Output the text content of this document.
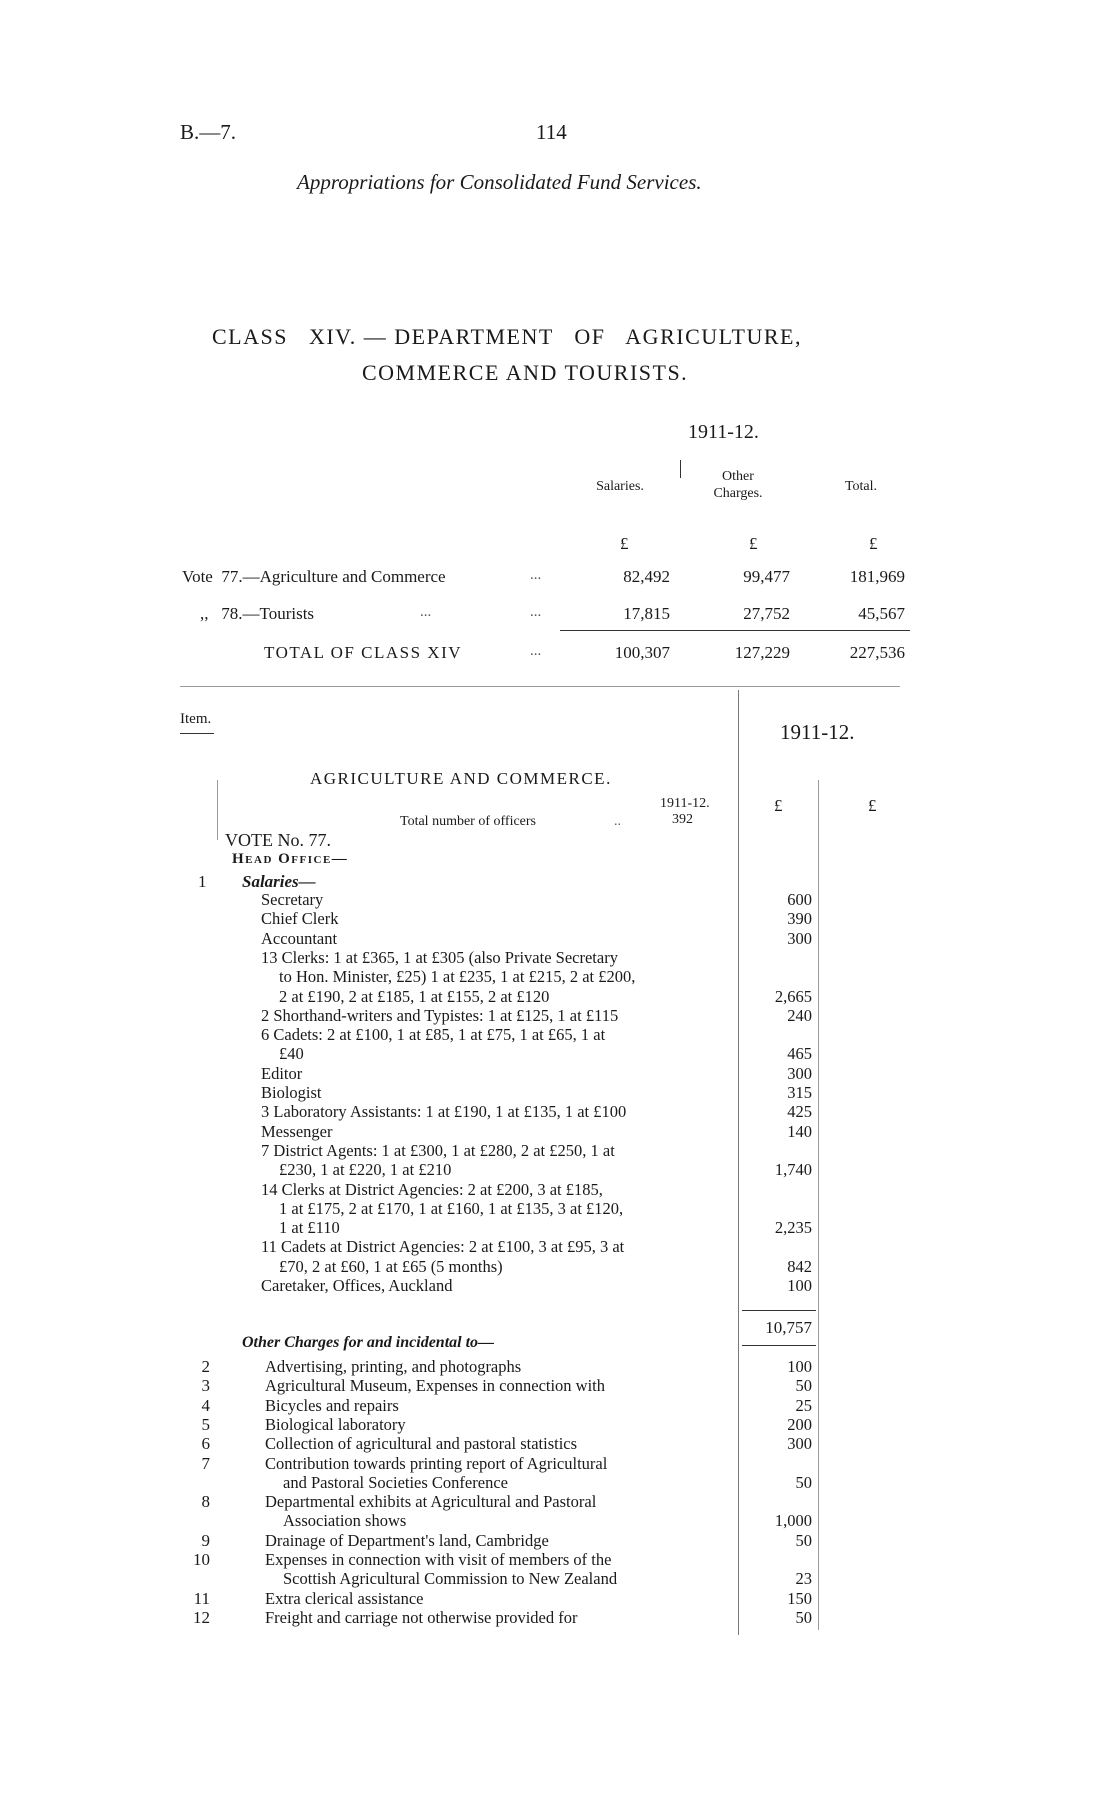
B.—7.	114
Appropriations for Consolidated Fund Services.
CLASS   XIV. — DEPARTMENT   OF   AGRICULTURE,
COMMERCE AND TOURISTS.
1911-12.
Salaries.
Other Charges.	Total.
£	£	£
Vote  77.—Agriculture and Commerce	...	82,492	99,477	181,969
,,   78.—Tourists	...	...	17,815	27,752	45,567
TOTAL OF CLASS XIV	...	100,307	127,229	227,536
Item.
1911-12.
AGRICULTURE AND COMMERCE.
1911-12.
Total number of officers	..	392
£	£
VOTE No. 77.
Head Office—
1 Salaries—
Secretary	600
Chief Clerk	390
Accountant	300
13 Clerks: 1 at £365, 1 at £305 (also Private Secretary
to Hon. Minister, £25) 1 at £235, 1 at £215, 2 at £200,
2 at £190, 2 at £185, 1 at £155, 2 at £120	2,665
2 Shorthand-writers and Typistes: 1 at £125, 1 at £115	240
6 Cadets: 2 at £100, 1 at £85, 1 at £75, 1 at £65, 1 at
£40	465
Editor	300
Biologist	315
3 Laboratory Assistants: 1 at £190, 1 at £135, 1 at £100	425
Messenger	140
7 District Agents: 1 at £300, 1 at £280, 2 at £250, 1 at
£230, 1 at £220, 1 at £210	1,740
14 Clerks at District Agencies: 2 at £200, 3 at £185,
1 at £175, 2 at £170, 1 at £160, 1 at £135, 3 at £120,
1 at £110	2,235
11 Cadets at District Agencies: 2 at £100, 3 at £95, 3 at
£70, 2 at £60, 1 at £65 (5 months)	842
Caretaker, Offices, Auckland	100
10,757
Other Charges for and incidental to—
2	Advertising, printing, and photographs	100
3	Agricultural Museum, Expenses in connection with	50
4	Bicycles and repairs	25
5	Biological laboratory	200
6	Collection of agricultural and pastoral statistics	300
7	Contribution towards printing report of Agricultural
and Pastoral Societies Conference	50
8	Departmental exhibits at Agricultural and Pastoral
Association shows	1,000
9	Drainage of Department's land, Cambridge	50
10	Expenses in connection with visit of members of the
Scottish Agricultural Commission to New Zealand	23
11	Extra clerical assistance	150
12	Freight and carriage not otherwise provided for	50
